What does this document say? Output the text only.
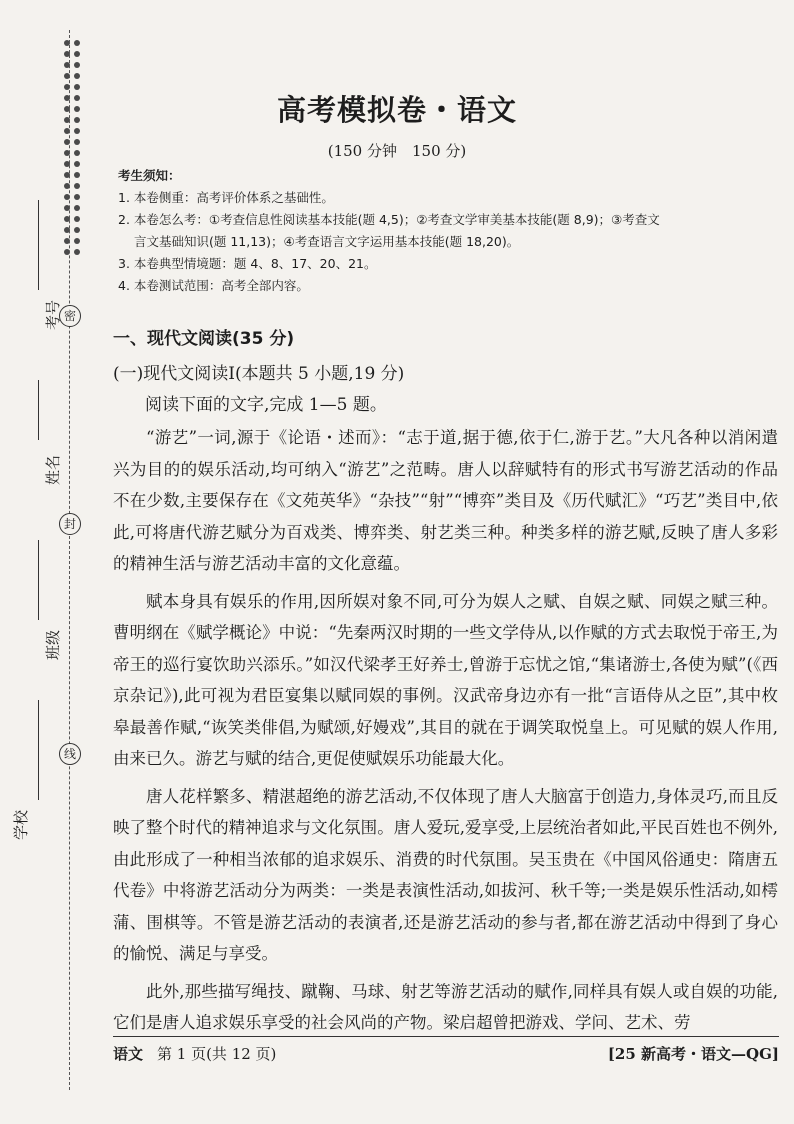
密
封
线
考号
姓名
班级
学校
高考模拟卷・语文
(150 分钟　150 分)
考生须知：
1. 本卷侧重：高考评价体系之基础性。
2. 本卷怎么考：①考查信息性阅读基本技能(题 4,5)；②考查文学审美基本技能(题 8,9)；③考查文
言文基础知识(题 11,13)；④考查语言文字运用基本技能(题 18,20)。
3. 本卷典型情境题：题 4、8、17、20、21。
4. 本卷测试范围：高考全部内容。
一、现代文阅读(35 分)
(一)现代文阅读Ⅰ(本题共 5 小题,19 分)
阅读下面的文字,完成 1—5 题。

“游艺”一词,源于《论语・述而》：“志于道,据于德,依于仁,游于艺。”大凡各种以消闲遣兴为目的的娱乐活动,均可纳入“游艺”之范畴。唐人以辞赋特有的形式书写游艺活动的作品不在少数,主要保存在《文苑英华》“杂技”“射”“博弈”类目及《历代赋汇》“巧艺”类目中,依此,可将唐代游艺赋分为百戏类、博弈类、射艺类三种。种类多样的游艺赋,反映了唐人多彩的精神生活与游艺活动丰富的文化意蕴。

赋本身具有娱乐的作用,因所娱对象不同,可分为娱人之赋、自娱之赋、同娱之赋三种。曹明纲在《赋学概论》中说：“先秦两汉时期的一些文学侍从,以作赋的方式去取悦于帝王,为帝王的巡行宴饮助兴添乐。”如汉代梁孝王好养士,曾游于忘忧之馆,“集诸游士,各使为赋”(《西京杂记》),此可视为君臣宴集以赋同娱的事例。汉武帝身边亦有一批“言语侍从之臣”,其中枚皋最善作赋,“诙笑类俳倡,为赋颂,好嫚戏”,其目的就在于调笑取悦皇上。可见赋的娱人作用,由来已久。游艺与赋的结合,更促使赋娱乐功能最大化。

唐人花样繁多、精湛超绝的游艺活动,不仅体现了唐人大脑富于创造力,身体灵巧,而且反映了整个时代的精神追求与文化氛围。唐人爱玩,爱享受,上层统治者如此,平民百姓也不例外,由此形成了一种相当浓郁的追求娱乐、消费的时代氛围。吴玉贵在《中国风俗通史：隋唐五代卷》中将游艺活动分为两类：一类是表演性活动,如拔河、秋千等;一类是娱乐性活动,如樗蒲、围棋等。不管是游艺活动的表演者,还是游艺活动的参与者,都在游艺活动中得到了身心的愉悦、满足与享受。

此外,那些描写绳技、蹴鞠、马球、射艺等游艺活动的赋作,同样具有娱人或自娱的功能,它们是唐人追求娱乐享受的社会风尚的产物。梁启超曾把游戏、学问、艺术、劳

语文 第 1 页(共 12 页)	[25 新高考・语文—QG]
